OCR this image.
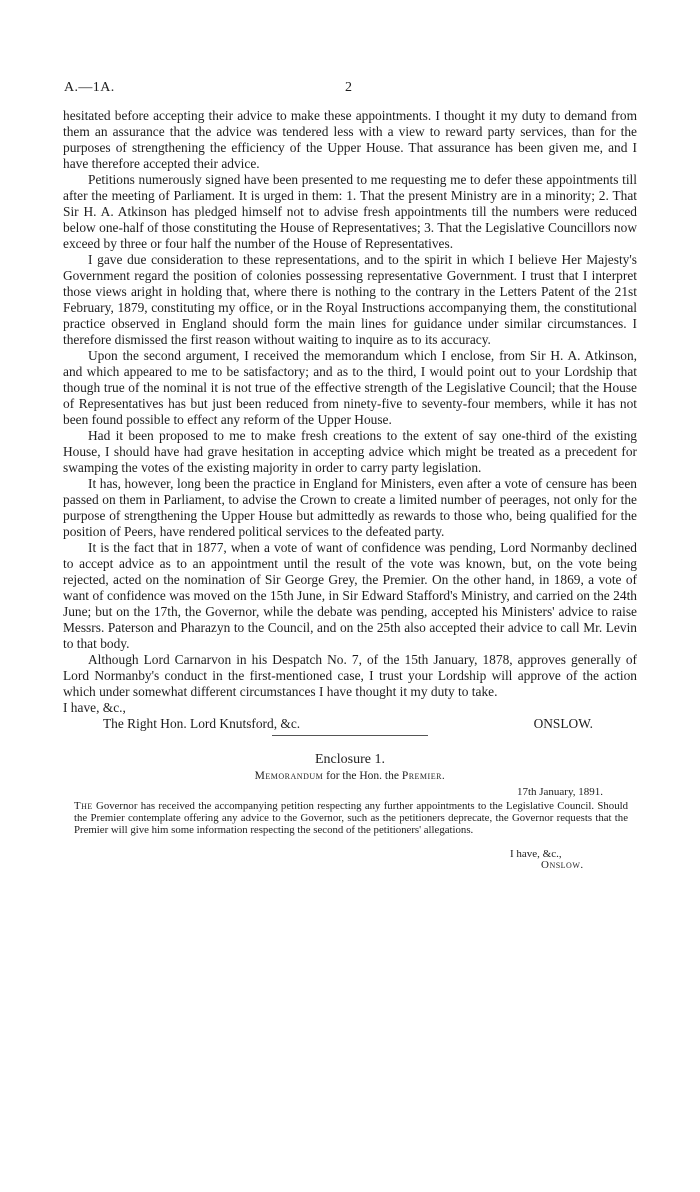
A.—1A.	2

hesitated before accepting their advice to make these appointments. I thought it my duty to demand from them an assurance that the advice was tendered less with a view to reward party services, than for the purposes of strengthening the efficiency of the Upper House. That assurance has been given me, and I have therefore accepted their advice.

Petitions numerously signed have been presented to me requesting me to defer these appointments till after the meeting of Parliament. It is urged in them: 1. That the present Ministry are in a minority; 2. That Sir H. A. Atkinson has pledged himself not to advise fresh appointments till the numbers were reduced below one-half of those constituting the House of Representatives; 3. That the Legislative Councillors now exceed by three or four half the number of the House of Representatives.

I gave due consideration to these representations, and to the spirit in which I believe Her Majesty's Government regard the position of colonies possessing representative Government. I trust that I interpret those views aright in holding that, where there is nothing to the contrary in the Letters Patent of the 21st February, 1879, constituting my office, or in the Royal Instructions accompanying them, the constitutional practice observed in England should form the main lines for guidance under similar circumstances. I therefore dismissed the first reason without waiting to inquire as to its accuracy.

Upon the second argument, I received the memorandum which I enclose, from Sir H. A. Atkinson, and which appeared to me to be satisfactory; and as to the third, I would point out to your Lordship that though true of the nominal it is not true of the effective strength of the Legislative Council; that the House of Representatives has but just been reduced from ninety-five to seventy-four members, while it has not been found possible to effect any reform of the Upper House.

Had it been proposed to me to make fresh creations to the extent of say one-third of the existing House, I should have had grave hesitation in accepting advice which might be treated as a precedent for swamping the votes of the existing majority in order to carry party legislation.

It has, however, long been the practice in England for Ministers, even after a vote of censure has been passed on them in Parliament, to advise the Crown to create a limited number of peerages, not only for the purpose of strengthening the Upper House but admittedly as rewards to those who, being qualified for the position of Peers, have rendered political services to the defeated party.

It is the fact that in 1877, when a vote of want of confidence was pending, Lord Normanby declined to accept advice as to an appointment until the result of the vote was known, but, on the vote being rejected, acted on the nomination of Sir George Grey, the Premier. On the other hand, in 1869, a vote of want of confidence was moved on the 15th June, in Sir Edward Stafford's Ministry, and carried on the 24th June; but on the 17th, the Governor, while the debate was pending, accepted his Ministers' advice to raise Messrs. Paterson and Pharazyn to the Council, and on the 25th also accepted their advice to call Mr. Levin to that body.

Although Lord Carnarvon in his Despatch No. 7, of the 15th January, 1878, approves generally of Lord Normanby's conduct in the first-mentioned case, I trust your Lordship will approve of the action which under somewhat different circumstances I have thought it my duty to take.

I have, &c.,

The Right Hon. Lord Knutsford, &c.	ONSLOW.

Enclosure 1.
Memorandum for the Hon. the Premier.
17th January, 1891.

The Governor has received the accompanying petition respecting any further appointments to the Legislative Council. Should the Premier contemplate offering any advice to the Governor, such as the petitioners deprecate, the Governor requests that the Premier will give him some information respecting the second of the petitioners' allegations.

I have, &c.,
Onslow.
